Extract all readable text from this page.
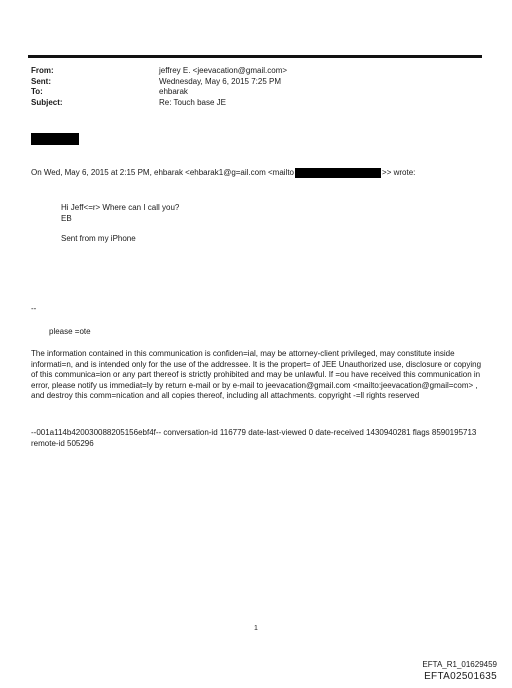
From:	jeffrey E. <jeevacation@gmail.com>
Sent:	Wednesday, May 6, 2015 7:25 PM
To:	ehbarak
Subject:	Re: Touch base JE
On Wed, May 6, 2015 at 2:15 PM, ehbarak <ehbarak1@g=ail.com <mailto	>> wrote:
Hi Jeff<=r> Where can I call you?
EB
Sent from my iPhone
--
please =ote
The information contained in this communication is confiden=ial, may be attorney-client privileged, may constitute inside informati=n, and is intended only for the use of the addressee. It is the propert= of JEE Unauthorized use, disclosure or copying of this communica=ion or any part thereof is strictly prohibited and may be unlawful. If =ou have received this communication in error, please notify us immediat=ly by return e-mail or by e-mail to jeevacation@gmail.com <mailto:jeevacation@gmail=com> , and destroy this comm=nication and all copies thereof, including all attachments. copyright -=ll rights reserved
--001a114b420030088205156ebf4f-- conversation-id 116779 date-last-viewed 0 date-received 1430940281 flags 8590195713 remote-id 505296
1
EFTA_R1_01629459
EFTA02501635
